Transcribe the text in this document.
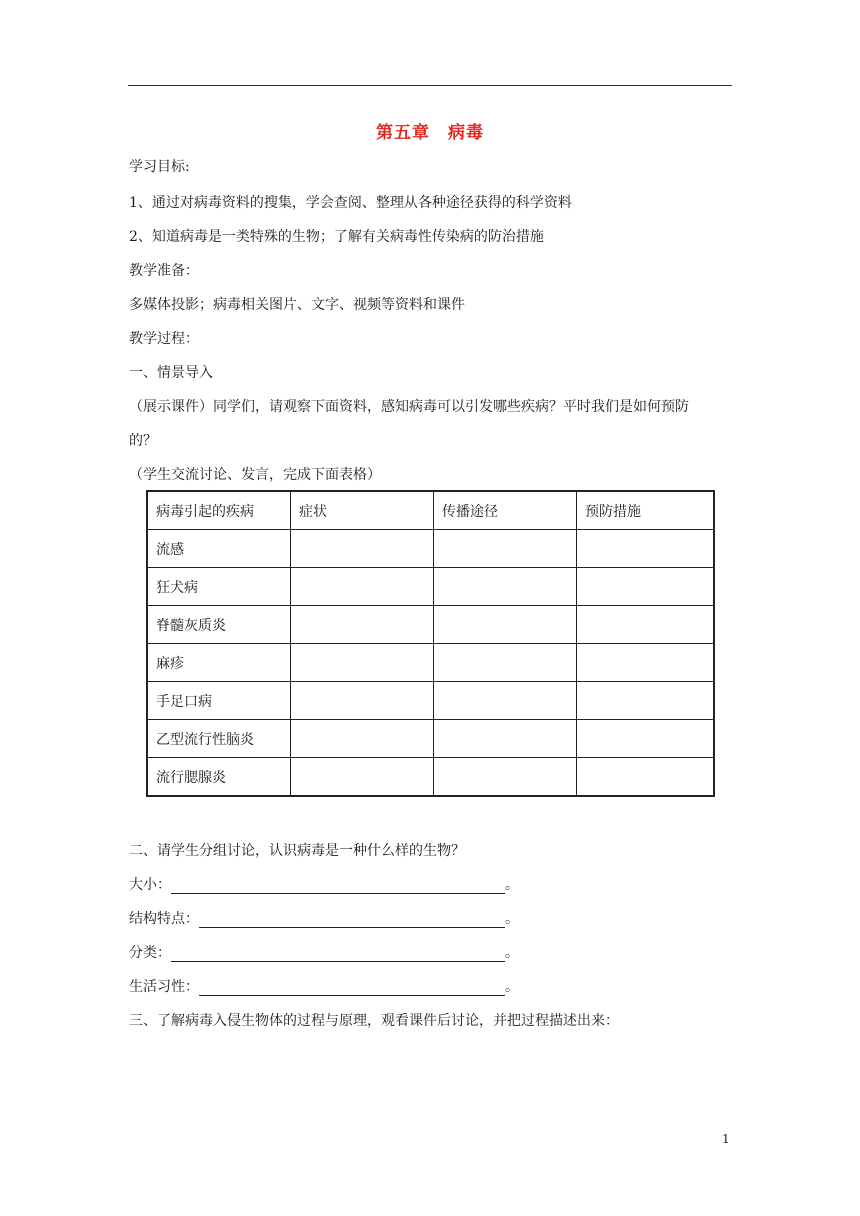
第五章　病毒
学习目标:
1、通过对病毒资料的搜集，学会查阅、整理从各种途径获得的科学资料
2、知道病毒是一类特殊的生物；了解有关病毒性传染病的防治措施
教学准备：
多媒体投影；病毒相关图片、文字、视频等资料和课件
教学过程：
一、情景导入
（展示课件）同学们，请观察下面资料，感知病毒可以引发哪些疾病？平时我们是如何预防
的？
（学生交流讨论、发言，完成下面表格）
病毒引起的疾病	症状	传播途径	预防措施
流感			
狂犬病			
脊髓灰质炎			
麻疹			
手足口病			
乙型流行性脑炎			
流行腮腺炎			
二、请学生分组讨论，认识病毒是一种什么样的生物？
大小：	。
结构特点：	。
分类：	。
生活习性：	。
三、了解病毒入侵生物体的过程与原理，观看课件后讨论，并把过程描述出来：
1
